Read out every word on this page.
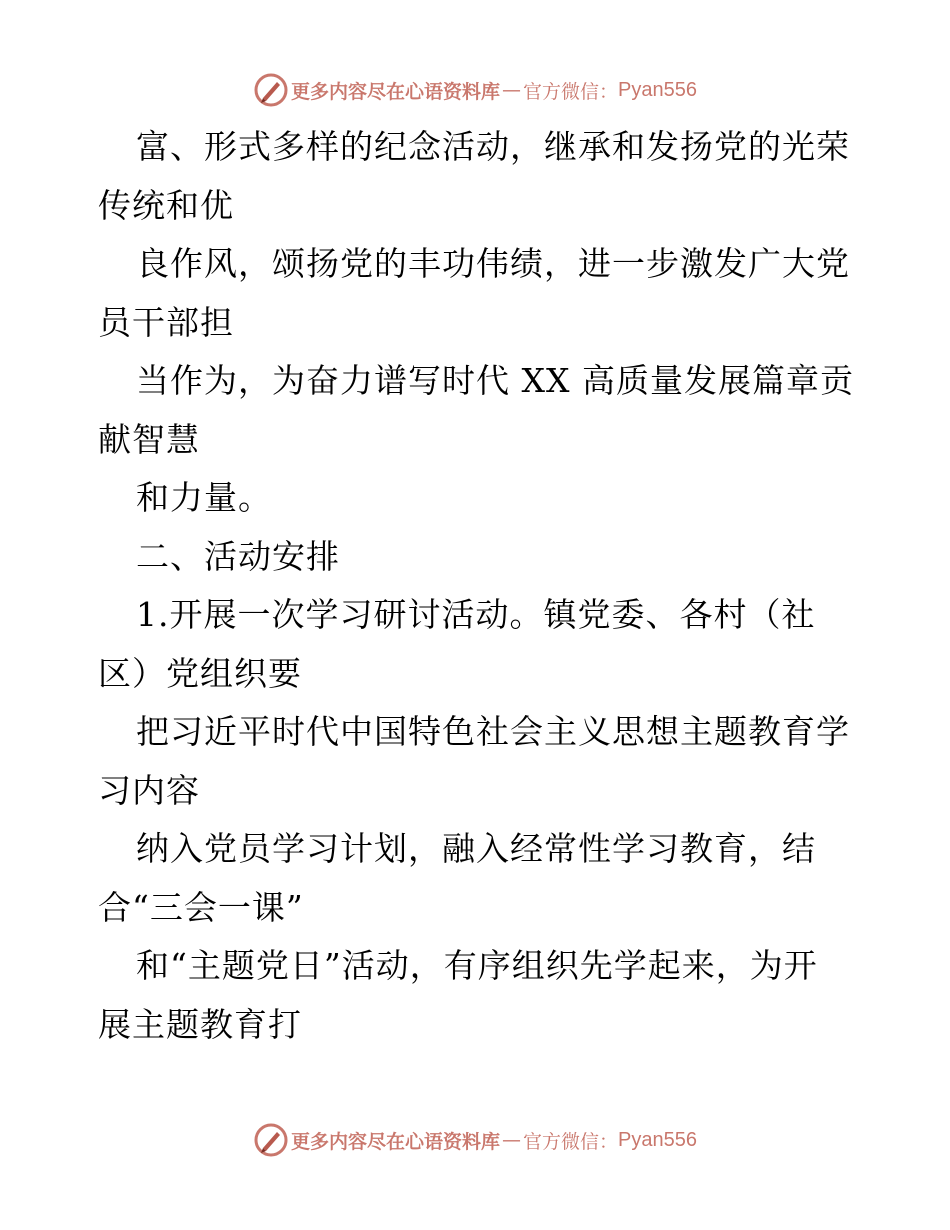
更多内容尽在心语资料库 — 官方微信： Pyan556
富、形式多样的纪念活动，继承和发扬党的光荣
传统和优
良作风，颂扬党的丰功伟绩，进一步激发广大党
员干部担
当作为，为奋力谱写时代 XX 高质量发展篇章贡
献智慧
和力量。
二、活动安排
1.开展一次学习研讨活动。镇党委、各村（社
区）党组织要
把习近平时代中国特色社会主义思想主题教育学
习内容
纳入党员学习计划，融入经常性学习教育，结
合“三会一课”
和“主题党日”活动，有序组织先学起来，为开
展主题教育打
更多内容尽在心语资料库 — 官方微信： Pyan556
